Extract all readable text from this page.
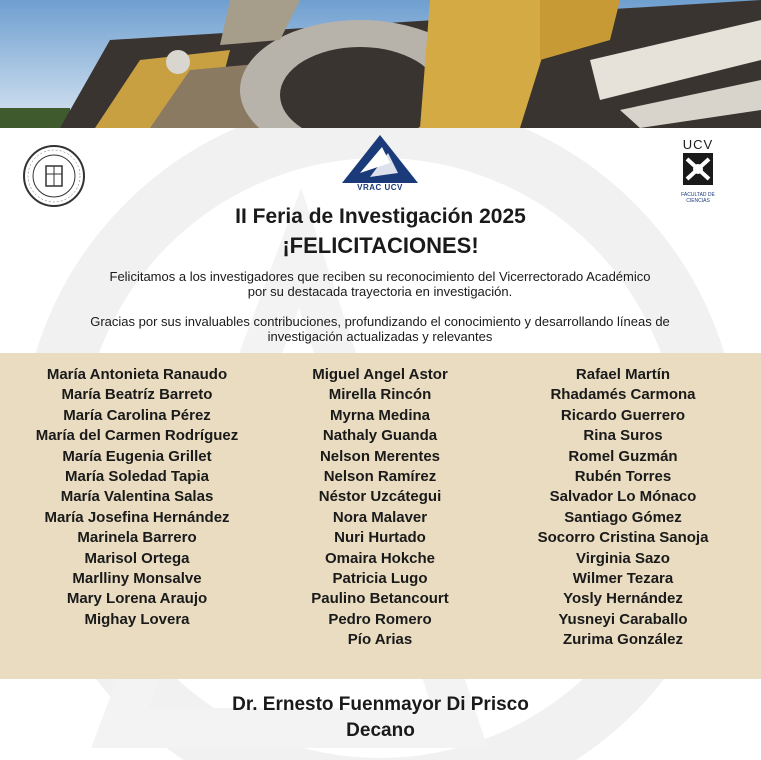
VRAC UCV
UCV
FACULTAD DE CIENCIAS
II Feria de Investigación 2025
¡FELICITACIONES!
Felicitamos a los investigadores que reciben su reconocimiento del Vicerrectorado Académico
por su destacada trayectoria en investigación.
Gracias por sus invaluables contribuciones, profundizando el conocimiento y desarrollando líneas de
investigación actualizadas y relevantes
María Antonieta Ranaudo
María Beatríz Barreto
María Carolina Pérez
María del Carmen Rodríguez
María Eugenia Grillet
María Soledad Tapia
María Valentina Salas
María Josefina Hernández
Marinela Barrero
Marisol Ortega
Marlliny Monsalve
Mary Lorena Araujo
Mighay Lovera
Miguel Angel Astor
Mirella Rincón
Myrna Medina
Nathaly Guanda
Nelson Merentes
Nelson Ramírez
Néstor Uzcátegui
Nora Malaver
Nuri Hurtado
Omaira Hokche
Patricia Lugo
Paulino Betancourt
Pedro Romero
Pío Arias
Rafael Martín
Rhadamés Carmona
Ricardo Guerrero
Rina Suros
Romel Guzmán
Rubén Torres
Salvador Lo Mónaco
Santiago Gómez
Socorro Cristina Sanoja
Virginia Sazo
Wilmer Tezara
Yosly Hernández
Yusneyi Caraballo
Zurima González
Dr. Ernesto Fuenmayor Di Prisco
Decano
